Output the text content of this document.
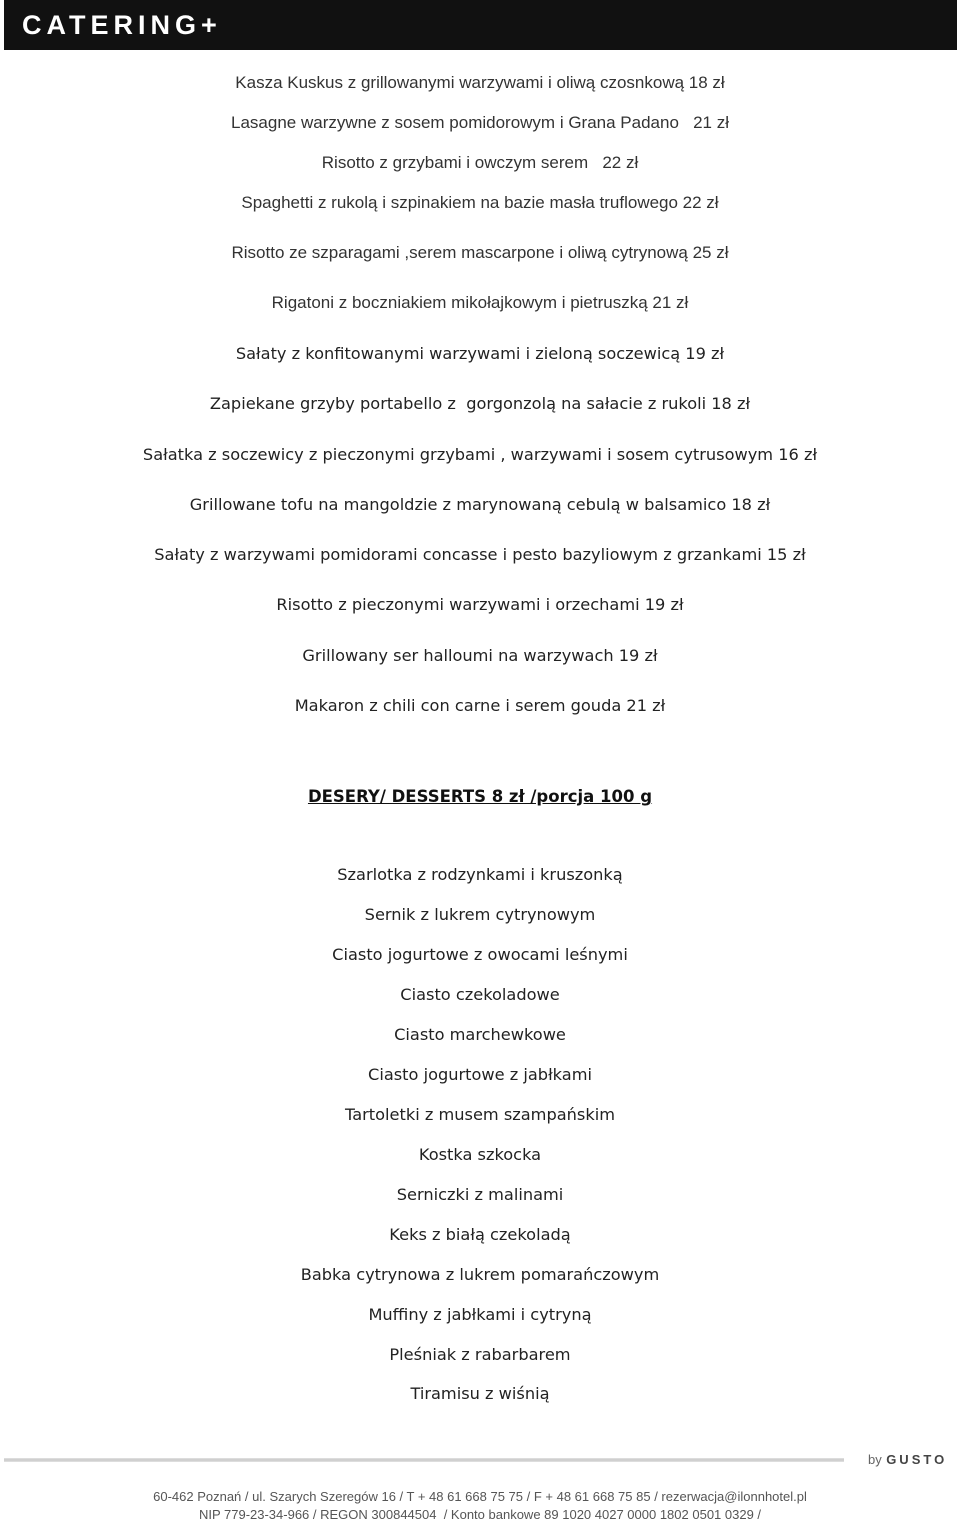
CATERING+
Kasza Kuskus z grillowanymi warzywami i oliwą czosnkową 18 zł
Lasagne warzywne z sosem pomidorowym i Grana Padano   21 zł
Risotto z grzybami i owczym serem   22 zł
Spaghetti z rukolą i szpinakiem na bazie masła truflowego 22 zł
Risotto ze szparagami ,serem mascarpone i oliwą cytrynową 25 zł
Rigatoni z boczniakiem mikołajkowym i pietruszką 21 zł
Sałaty z konfitowanymi warzywami i zieloną soczewicą 19 zł
Zapiekane grzyby portabello z  gorgonzolą na sałacie z rukoli 18 zł
Sałatka z soczewicy z pieczonymi grzybami , warzywami i sosem cytrusowym 16 zł
Grillowane tofu na mangoldzie z marynowaną cebulą w balsamico 18 zł
Sałaty z warzywami pomidorami concasse i pesto bazyliowym z grzankami 15 zł
Risotto z pieczonymi warzywami i orzechami 19 zł
Grillowany ser halloumi na warzywach 19 zł
Makaron z chili con carne i serem gouda 21 zł
DESERY/ DESSERTS 8 zł /porcja 100 g
Szarlotka z rodzynkami i kruszonką
Sernik z lukrem cytrynowym
Ciasto jogurtowe z owocami leśnymi
Ciasto czekoladowe
Ciasto marchewkowe
Ciasto jogurtowe z jabłkami
Tartoletki z musem szampańskim
Kostka szkocka
Serniczki z malinami
Keks z białą czekoladą
Babka cytrynowa z lukrem pomarańczowym
Muffiny z jabłkami i cytryną
Pleśniak z rabarbarem
Tiramisu z wiśnią
by GUSTO
60-462 Poznań / ul. Szarych Szeregów 16 / T + 48 61 668 75 75 / F + 48 61 668 75 85 / rezerwacja@ilonnhotel.pl
NIP 779-23-34-966 / REGON 300844504  / Konto bankowe 89 1020 4027 0000 1802 0501 0329 /
